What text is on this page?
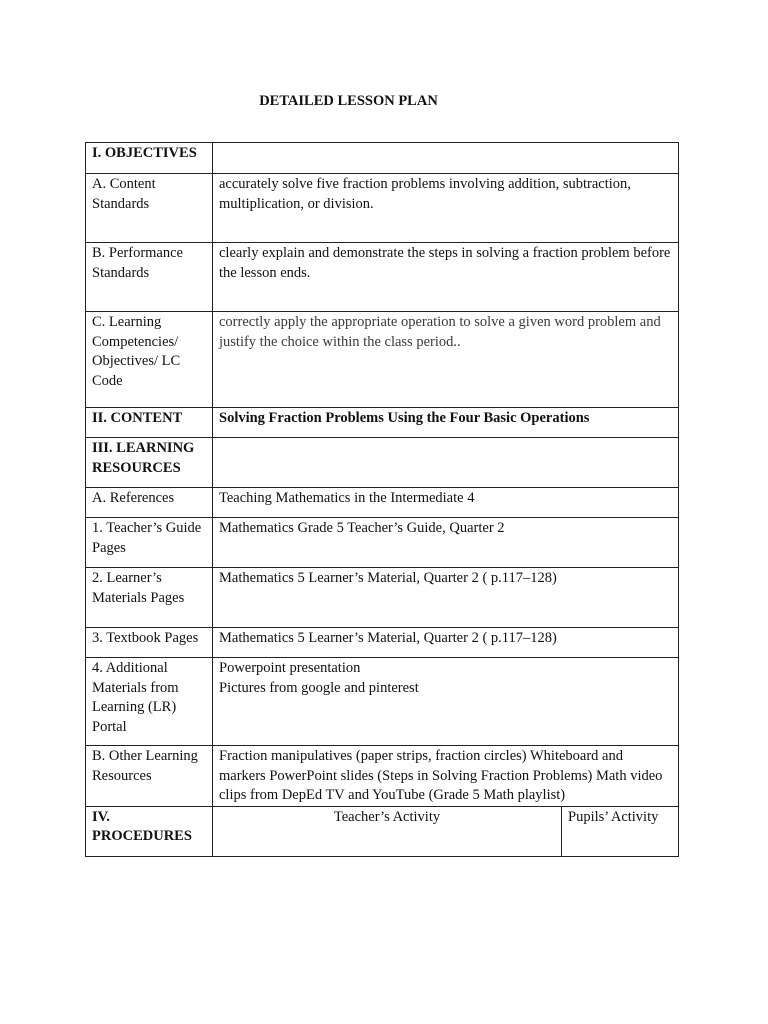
DETAILED LESSON PLAN
I. OBJECTIVES		
A. Content Standards	accurately solve five fraction problems involving addition, subtraction, multiplication, or division.	
B. Performance Standards	clearly explain and demonstrate the steps in solving a fraction problem before the lesson ends.	
C. Learning Competencies/ Objectives/ LC Code	correctly apply the appropriate operation to solve a given word problem and justify the choice within the class period..	
II. CONTENT	Solving Fraction Problems Using the Four Basic Operations	
III. LEARNING RESOURCES		
A. References	Teaching Mathematics in the Intermediate 4	
1. Teacher’s Guide Pages	Mathematics Grade 5 Teacher’s Guide, Quarter 2	
2. Learner’s Materials Pages	Mathematics 5 Learner’s Material, Quarter 2 ( p.117–128)	
3. Textbook Pages	Mathematics 5 Learner’s Material, Quarter 2 ( p.117–128)	
4. Additional Materials from Learning (LR) Portal	Powerpoint presentation
Pictures from google and pinterest	

B. Other Learning Resources	Fraction manipulatives (paper strips, fraction circles) Whiteboard and markers PowerPoint slides (Steps in Solving Fraction Problems) Math video clips from DepEd TV and YouTube (Grade 5 Math playlist)	
IV. PROCEDURES	Teacher’s Activity	Pupils’ Activity
